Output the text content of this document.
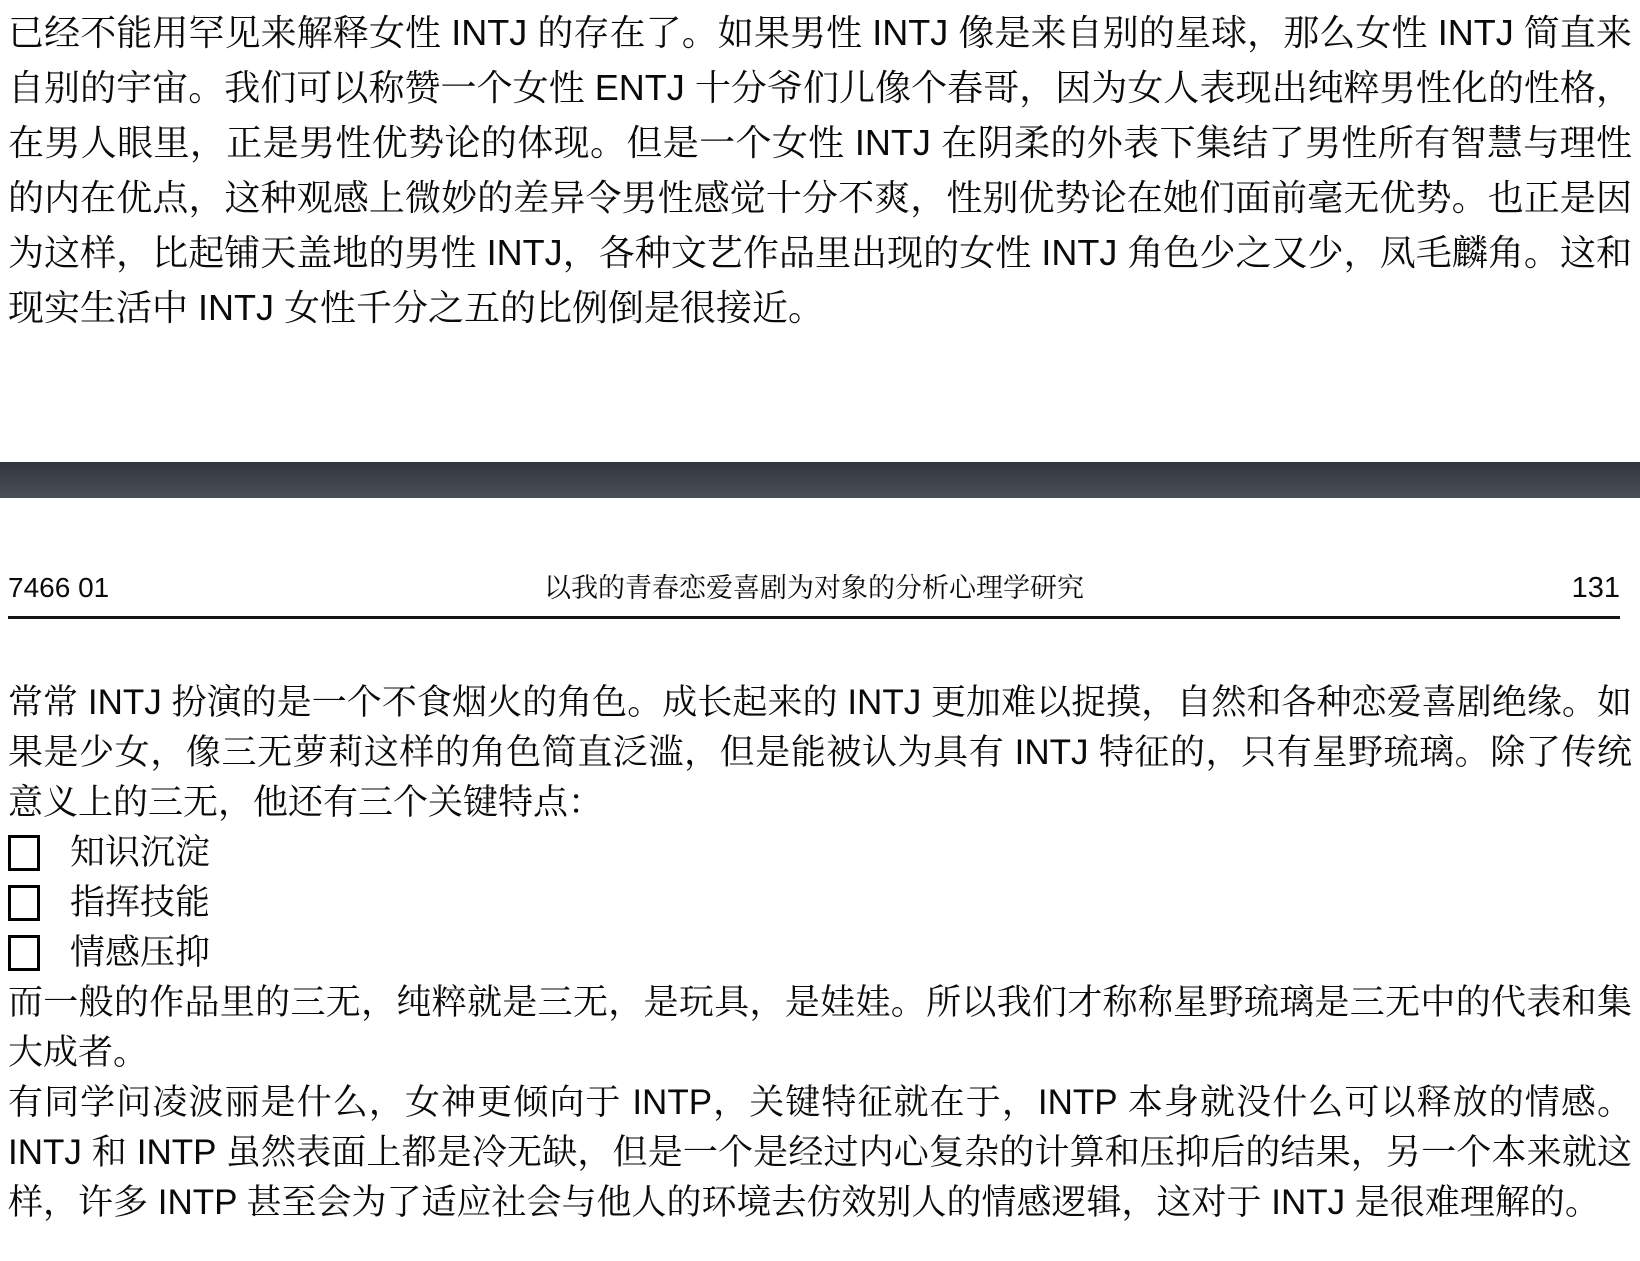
已经不能用罕见来解释女性 INTJ 的存在了。如果男性 INTJ 像是来自别的星球，那么女性 INTJ 简直来自别的宇宙。我们可以称赞一个女性 ENTJ 十分爷们儿像个春哥，因为女人表现出纯粹男性化的性格，在男人眼里，正是男性优势论的体现。但是一个女性 INTJ 在阴柔的外表下集结了男性所有智慧与理性的内在优点，这种观感上微妙的差异令男性感觉十分不爽，性别优势论在她们面前毫无优势。也正是因为这样，比起铺天盖地的男性 INTJ，各种文艺作品里出现的女性 INTJ 角色少之又少，凤毛麟角。这和现实生活中 INTJ 女性千分之五的比例倒是很接近。

7466 01	以我的青春恋爱喜剧为对象的分析心理学研究	131

常常 INTJ 扮演的是一个不食烟火的角色。成长起来的 INTJ 更加难以捉摸，自然和各种恋爱喜剧绝缘。如果是少女，像三无萝莉这样的角色简直泛滥，但是能被认为具有 INTJ 特征的，只有星野琉璃。除了传统意义上的三无，他还有三个关键特点：

知识沉淀
指挥技能
情感压抑

而一般的作品里的三无，纯粹就是三无，是玩具，是娃娃。所以我们才称称星野琉璃是三无中的代表和集大成者。

有同学问凌波丽是什么，女神更倾向于 INTP，关键特征就在于，INTP 本身就没什么可以释放的情感。INTJ 和 INTP 虽然表面上都是冷无缺，但是一个是经过内心复杂的计算和压抑后的结果，另一个本来就这样，许多 INTP 甚至会为了适应社会与他人的环境去仿效别人的情感逻辑，这对于 INTJ 是很难理解的。
